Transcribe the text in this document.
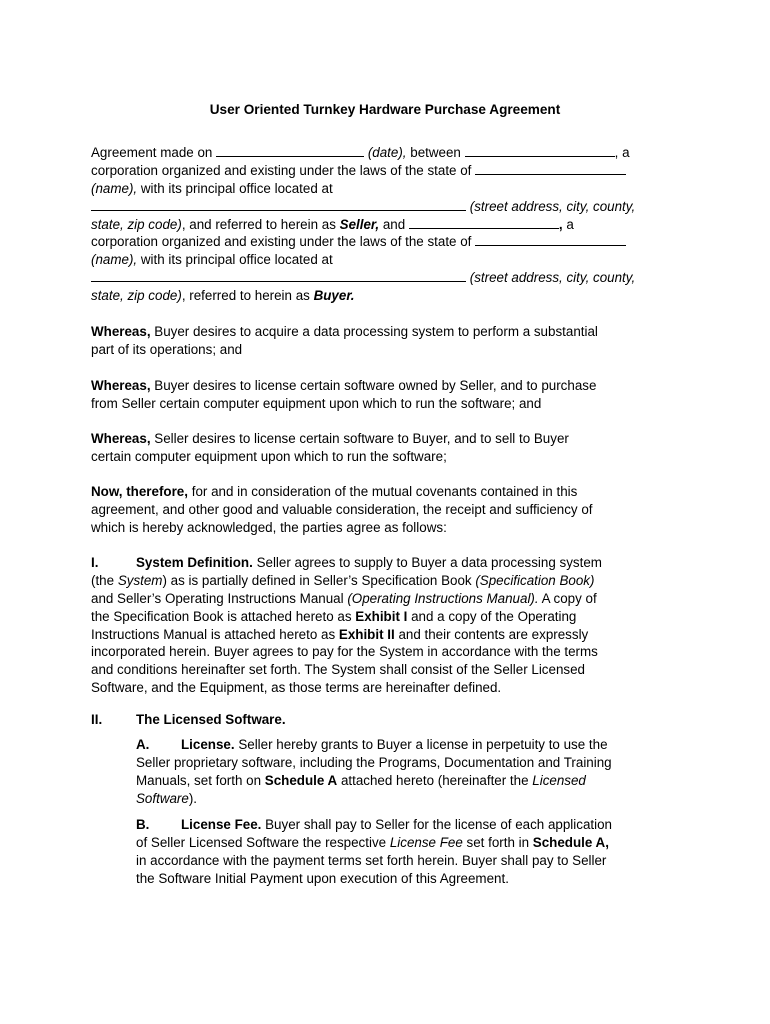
User Oriented Turnkey Hardware Purchase Agreement
Agreement made on	(date), between	, a
corporation organized and existing under the laws of the state of
(name), with its principal office located at
(street address, city, county,
state, zip code), and referred to herein as Seller, and	, a
corporation organized and existing under the laws of the state of
(name), with its principal office located at
(street address, city, county,
state, zip code), referred to herein as Buyer.
Whereas, Buyer desires to acquire a data processing system to perform a substantial
part of its operations; and
Whereas, Buyer desires to license certain software owned by Seller, and to purchase
from Seller certain computer equipment upon which to run the software; and
Whereas, Seller desires to license certain software to Buyer, and to sell to Buyer
certain computer equipment upon which to run the software;
Now, therefore, for and in consideration of the mutual covenants contained in this
agreement, and other good and valuable consideration, the receipt and sufficiency of
which is hereby acknowledged, the parties agree as follows:
I.	System Definition. Seller agrees to supply to Buyer a data processing system
(the System) as is partially defined in Seller’s Specification Book (Specification Book)
and Seller’s Operating Instructions Manual (Operating Instructions Manual). A copy of
the Specification Book is attached hereto as Exhibit I and a copy of the Operating
Instructions Manual is attached hereto as Exhibit II and their contents are expressly
incorporated herein. Buyer agrees to pay for the System in accordance with the terms
and conditions hereinafter set forth. The System shall consist of the Seller Licensed
Software, and the Equipment, as those terms are hereinafter defined.
II.	The Licensed Software.
A. License. Seller hereby grants to Buyer a license in perpetuity to use the
Seller proprietary software, including the Programs, Documentation and Training
Manuals, set forth on Schedule A attached hereto (hereinafter the Licensed
Software).
B. License Fee. Buyer shall pay to Seller for the license of each application
of Seller Licensed Software the respective License Fee set forth in Schedule A,
in accordance with the payment terms set forth herein. Buyer shall pay to Seller
the Software Initial Payment upon execution of this Agreement.
